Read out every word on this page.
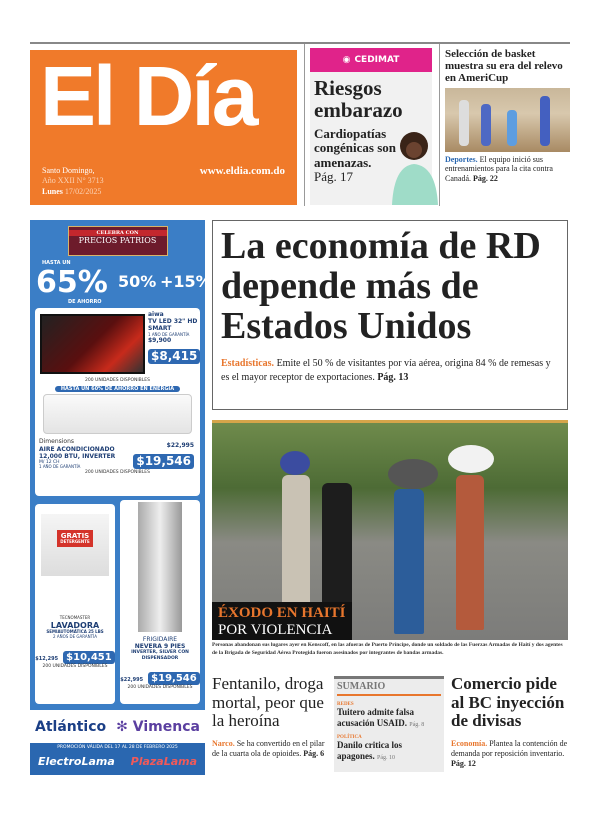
El Día
Santo Domingo,
Año XXII N° 3713
Lunes 17/02/2025
www.eldia.com.do
◉ CEDIMAT
Riesgos embarazo

Cardiopatías congénicas son amenazas.
Pág. 17

Selección de basket muestra su era del relevo en AmeriCup

Deportes. El equipo inició sus entrenamientos para la cita contra Canadá. Pág. 22

CELEBRA CON
PRECIOS PATRIOS
HASTA UN
65%
DE AHORRO
50% +15%
aiwa
TV LED 32" HD SMART
1 AÑO DE GARANTÍA
$9,900
$8,415
200 UNIDADES DISPONIBLES
HASTA UN 60% DE AHORRO EN ENERGÍA
Dimensions
AIRE ACONDICIONADO 12,000 BTU, INVERTER
M/ 12 CH
1 AÑO DE GARANTÍA
$22,995
$19,546
200 UNIDADES DISPONIBLES
GRATIS
DETERGENTE
TECNOMASTER
LAVADORA
SEMIAUTOMÁTICA 25 LBS
2 AÑOS DE GARANTÍA
$12,295 $10,451
200 UNIDADES DISPONIBLES
FRIGIDAIRE
NEVERA 9 PIES
INVERTER, SILVER CON DISPENSADOR
$22,995 $19,546
200 UNIDADES DISPONIBLES
Atlántico ✻ Vimenca
PROMOCIÓN VÁLIDA DEL 17 AL 28 DE FEBRERO 2025
ElectroLama PlazaLama
La economía de RD depende más de Estados Unidos

Estadísticas. Emite el 50 % de visitantes por vía aérea, origina 84 % de remesas y es el mayor receptor de exportaciones. Pág. 13

ÉXODO EN HAITÍ
POR VIOLENCIA
Personas abandonan sus lugares ayer en Kenscoff, en las afueras de Puerto Príncipe, donde un soldado de las Fuerzas Armadas de Haití y dos agentes de la Brigada de Seguridad Aérea Protegida fueron asesinados por integrantes de bandas armadas.
Fentanilo, droga mortal, peor que la heroína

Narco. Se ha convertido en el pilar de la cuarta ola de opioides. Pág. 6

SUMARIO
REDES
Tuitero admite falsa acusación USAID. Pág. 8
POLÍTICA
Danilo critica los apagones. Pág. 10
Comercio pide al BC inyección de divisas

Economía. Plantea la contención de demanda por reposición inventario. Pág. 12
